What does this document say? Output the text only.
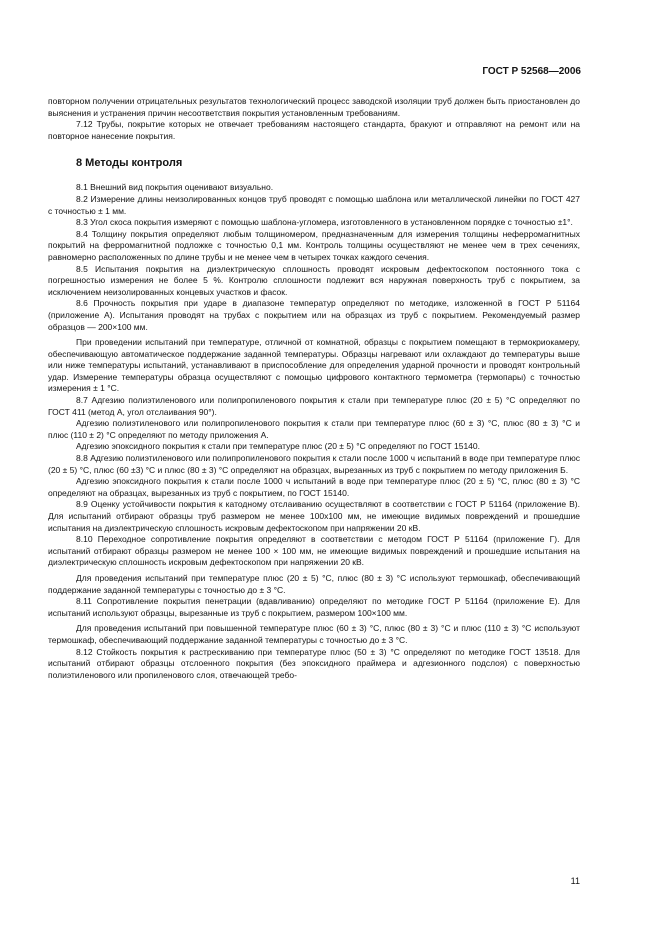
ГОСТ Р 52568—2006

повторном получении отрицательных результатов технологический процесс заводской изоляции труб должен быть приостановлен до выяснения и устранения причин несоответствия покрытия установленным требованиям.

7.12 Трубы, покрытие которых не отвечает требованиям настоящего стандарта, бракуют и отправляют на ремонт или на повторное нанесение покрытия.

8 Методы контроля

8.1 Внешний вид покрытия оценивают визуально.

8.2 Измерение длины неизолированных концов труб проводят с помощью шаблона или металлической линейки по ГОСТ 427 с точностью ± 1 мм.

8.3 Угол скоса покрытия измеряют с помощью шаблона-угломера, изготовленного в установленном порядке с точностью ±1°.

8.4 Толщину покрытия определяют любым толщиномером, предназначенным для измерения толщины неферромагнитных покрытий на ферромагнитной подложке с точностью 0,1 мм. Контроль толщины осуществляют не менее чем в трех сечениях, равномерно расположенных по длине трубы и не менее чем в четырех точках каждого сечения.

8.5 Испытания покрытия на диэлектрическую сплошность проводят искровым дефектоскопом постоянного тока с погрешностью измерения не более 5 %. Контролю сплошности подлежит вся наружная поверхность труб с покрытием, за исключением неизолированных концевых участков и фасок.

8.6 Прочность покрытия при ударе в диапазоне температур определяют по методике, изложенной в ГОСТ Р 51164 (приложение А). Испытания проводят на трубах с покрытием или на образцах из труб с покрытием. Рекомендуемый размер образцов — 200×100 мм.

При проведении испытаний при температуре, отличной от комнатной, образцы с покрытием помещают в термокриокамеру, обеспечивающую автоматическое поддержание заданной температуры. Образцы нагревают или охлаждают до температуры выше или ниже температуры испытаний, устанавливают в приспособление для определения ударной прочности и проводят контрольный удар. Измерение температуры образца осуществляют с помощью цифрового контактного термометра (термопары) с точностью измерения ± 1 °С.

8.7 Адгезию полиэтиленового или полипропиленового покрытия к стали при температуре плюс (20 ± 5) °С определяют по ГОСТ 411 (метод А, угол отслаивания 90°).

Адгезию полиэтиленового или полипропиленового покрытия к стали при температуре плюс (60 ± 3) °С, плюс (80 ± 3) °С и плюс (110 ± 2) °С определяют по методу приложения А.

Адгезию эпоксидного покрытия к стали при температуре плюс (20 ± 5) °С определяют по ГОСТ 15140.

8.8 Адгезию полиэтиленового или полипропиленового покрытия к стали после 1000 ч испытаний в воде при температуре плюс (20 ± 5) °С, плюс (60 ±3) °С и плюс (80 ± 3) °С определяют на образцах, вырезанных из труб с покрытием по методу приложения Б.

Адгезию эпоксидного покрытия к стали после 1000 ч испытаний в воде при температуре плюс (20 ± 5) °С, плюс (80 ± 3) °С определяют на образцах, вырезанных из труб с покрытием, по ГОСТ 15140.

8.9 Оценку устойчивости покрытия к катодному отслаиванию осуществляют в соответствии с ГОСТ Р 51164 (приложение В). Для испытаний отбирают образцы труб размером не менее 100х100 мм, не имеющие видимых повреждений и прошедшие испытания на диэлектрическую сплошность искровым дефектоскопом при напряжении 20 кВ.

8.10 Переходное сопротивление покрытия определяют в соответствии с методом ГОСТ Р 51164 (приложение Г). Для испытаний отбирают образцы размером не менее 100 × 100 мм, не имеющие видимых повреждений и прошедшие испытания на диэлектрическую сплошность искровым дефектоскопом при напряжении 20 кВ.

Для проведения испытаний при температуре плюс (20 ± 5) °С, плюс (80 ± 3) °С используют термошкаф, обеспечивающий поддержание заданной температуры с точностью до ± 3 °С.

8.11 Сопротивление покрытия пенетрации (вдавливанию) определяют по методике ГОСТ Р 51164 (приложение Е). Для испытаний используют образцы, вырезанные из труб с покрытием, размером 100×100 мм.

Для проведения испытаний при повышенной температуре плюс (60 ± 3) °С, плюс (80 ± 3) °С и плюс (110 ± 3) °С используют термошкаф, обеспечивающий поддержание заданной температуры с точностью до ± 3 °С.

8.12 Стойкость покрытия к растрескиванию при температуре плюс (50 ± 3) °С определяют по методике ГОСТ 13518. Для испытаний отбирают образцы отслоенного покрытия (без эпоксидного праймера и адгезионного подслоя) с поверхностью полиэтиленового или пропиленового слоя, отвечающей требо-

11
